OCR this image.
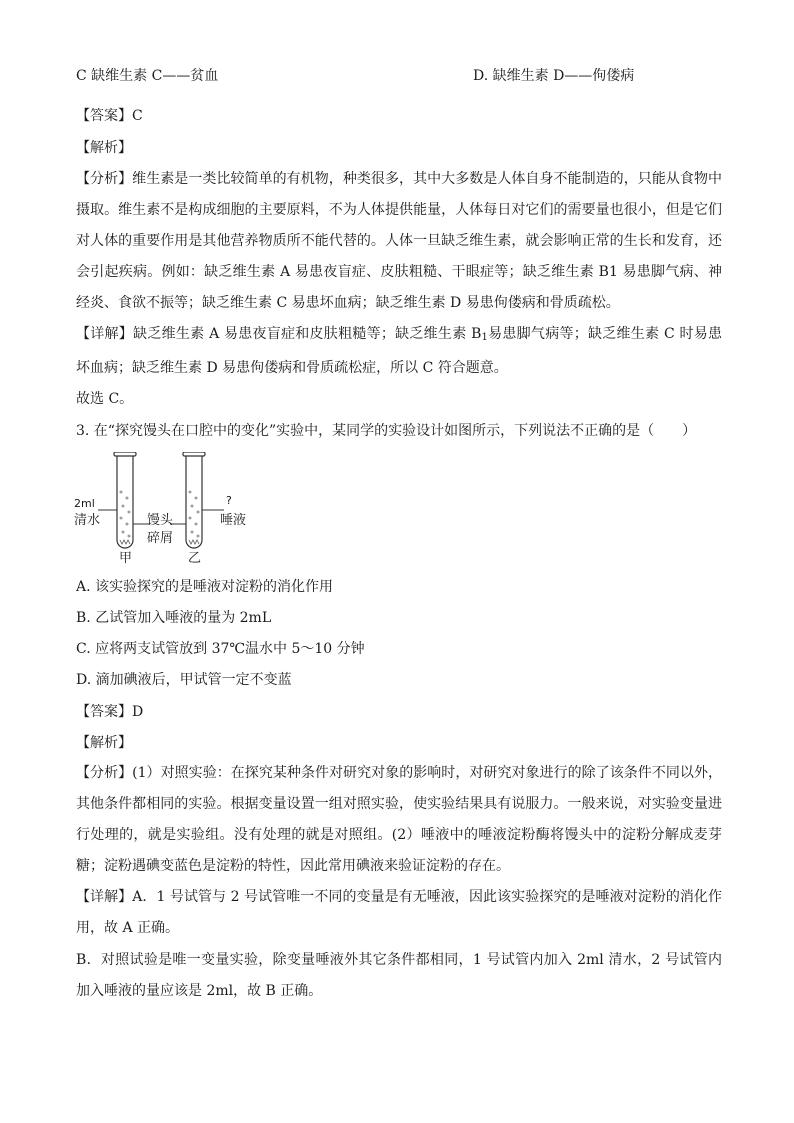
C 缺维生素 C——贫血	D. 缺维生素 D——佝偻病
【答案】C
【解析】

【分析】维生素是一类比较简单的有机物，种类很多，其中大多数是人体自身不能制造的，只能从食物中摄取。维生素不是构成细胞的主要原料，不为人体提供能量，人体每日对它们的需要量也很小，但是它们对人体的重要作用是其他营养物质所不能代替的。人体一旦缺乏维生素，就会影响正常的生长和发育，还会引起疾病。例如：缺乏维生素 A 易患夜盲症、皮肤粗糙、干眼症等；缺乏维生素 B1 易患脚气病、神经炎、食欲不振等；缺乏维生素 C 易患坏血病；缺乏维生素 D 易患佝偻病和骨质疏松。

【详解】缺乏维生素 A 易患夜盲症和皮肤粗糙等；缺乏维生素 $B_1$易患脚气病等；缺乏维生素 C 时易患坏血病；缺乏维生素 D 易患佝偻病和骨质疏松症，所以 C 符合题意。

故选 C。
3. 在“探究馒头在口腔中的变化”实验中，某同学的实验设计如图所示，下列说法不正确的是（　　）
2ml
清水	馒头
碎屑
?
唾液
甲	乙
A. 该实验探究的是唾液对淀粉的消化作用
B. 乙试管加入唾液的量为 2mL
C. 应将两支试管放到 37℃温水中 5～10 分钟
D. 滴加碘液后，甲试管一定不变蓝
【答案】D
【解析】

【分析】(1）对照实验：在探究某种条件对研究对象的影响时，对研究对象进行的除了该条件不同以外，其他条件都相同的实验。根据变量设置一组对照实验，使实验结果具有说服力。一般来说，对实验变量进行处理的，就是实验组。没有处理的就是对照组。(2）唾液中的唾液淀粉酶将馒头中的淀粉分解成麦芽糖；淀粉遇碘变蓝色是淀粉的特性，因此常用碘液来验证淀粉的存在。

【详解】A．1 号试管与 2 号试管唯一不同的变量是有无唾液，因此该实验探究的是唾液对淀粉的消化作用，故 A 正确。

B．对照试验是唯一变量实验，除变量唾液外其它条件都相同，1 号试管内加入 2ml 清水，2 号试管内加入唾液的量应该是 2ml，故 B 正确。
